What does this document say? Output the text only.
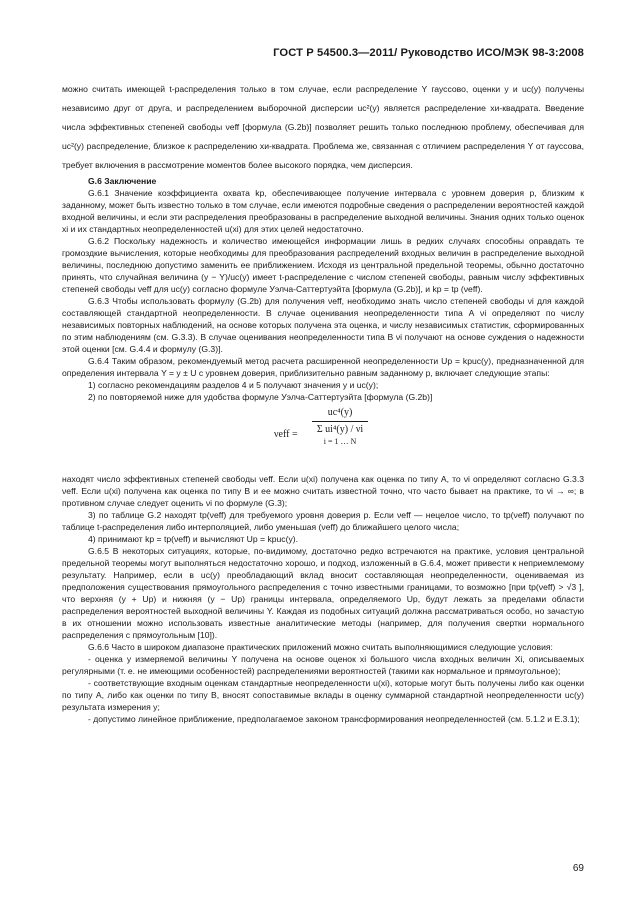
ГОСТ Р 54500.3—2011/ Руководство ИСО/МЭК 98-3:2008

можно считать имеющей t-распределения только в том случае, если распределение Y гауссово, оценки y и uc(y) получены независимо друг от друга, и распределением выборочной дисперсии uc²(y) является распределение хи-квадрата. Введение числа эффективных степеней свободы νeff [формула (G.2b)] позволяет решить только последнюю проблему, обеспечивая для uc²(y) распределение, близкое к распределению хи-квадрата. Проблема же, связанная с отличием распределения Y от гауссова, требует включения в рассмотрение моментов более высокого порядка, чем дисперсия.

G.6 Заключение

G.6.1 Значение коэффициента охвата kp, обеспечивающее получение интервала с уровнем доверия p, близким к заданному, может быть известно только в том случае, если имеются подробные сведения о распределении вероятностей каждой входной величины, и если эти распределения преобразованы в распределение выходной величины. Знания одних только оценок xi и их стандартных неопределенностей u(xi) для этих целей недостаточно.

G.6.2 Поскольку надежность и количество имеющейся информации лишь в редких случаях способны оправдать те громоздкие вычисления, которые необходимы для преобразования распределений входных величин в распределение выходной величины, последнюю допустимо заменить ее приближением. Исходя из центральной предельной теоремы, обычно достаточно принять, что случайная величина (y − Y)/uc(y) имеет t-распределение с числом степеней свободы, равным числу эффективных степеней свободы νeff для uc(y) согласно формуле Уэлча-Саттертуэйта [формула (G.2b)], и kp = tp (νeff).

G.6.3 Чтобы использовать формулу (G.2b) для получения νeff, необходимо знать число степеней свободы νi для каждой составляющей стандартной неопределенности. В случае оценивания неопределенности типа А νi определяют по числу независимых повторных наблюдений, на основе которых получена эта оценка, и числу независимых статистик, сформированных по этим наблюдениям (см. G.3.3). В случае оценивания неопределенности типа В νi получают на основе суждения о надежности этой оценки [см. G.4.4 и формулу (G.3)].

G.6.4 Таким образом, рекомендуемый метод расчета расширенной неопределенности Up = kpuc(y), предназначенной для определения интервала Y = y ± U с уровнем доверия, приблизительно равным заданному p, включает следующие этапы:

1) согласно рекомендациям разделов 4 и 5 получают значения y и uc(y);

2) по повторяемой ниже для удобства формуле Уэлча-Саттертуэйта [формула (G.2b)]

νeff =
uc⁴(y)
Σ ui⁴(y) / νi
i = 1 … N

находят число эффективных степеней свободы νeff. Если u(xi) получена как оценка по типу А, то νi определяют согласно G.3.3 νeff. Если u(xi) получена как оценка по типу В и ее можно считать известной точно, что часто бывает на практике, то νi → ∞; в противном случае следует оценить νi по формуле (G.3);

3) по таблице G.2 находят tp(νeff) для требуемого уровня доверия p. Если νeff — нецелое число, то tp(νeff) получают по таблице t-распределения либо интерполяцией, либо уменьшая (νeff) до ближайшего целого числа;

4) принимают kp = tp(νeff) и вычисляют Up = kpuc(y).

G.6.5 В некоторых ситуациях, которые, по-видимому, достаточно редко встречаются на практике, условия центральной предельной теоремы могут выполняться недостаточно хорошо, и подход, изложенный в G.6.4, может привести к неприемлемому результату. Например, если в uc(y) преобладающий вклад вносит составляющая неопределенности, оцениваемая из предположения существования прямоугольного распределения с точно известными границами, то возможно [при tp(νeff) > √3 ], что верхняя (y + Up) и нижняя (y − Up) границы интервала, определяемого Up, будут лежать за пределами области распределения вероятностей выходной величины Y. Каждая из подобных ситуаций должна рассматриваться особо, но зачастую в их отношении можно использовать известные аналитические методы (например, для получения свертки нормального распределения с прямоугольным [10]).

G.6.6 Часто в широком диапазоне практических приложений можно считать выполняющимися следующие условия:

- оценка y измеряемой величины Y получена на основе оценок xi большого числа входных величин Xi, описываемых регулярными (т. е. не имеющими особенностей) распределениями вероятностей (такими как нормальное и прямоугольное);

- соответствующие входным оценкам стандартные неопределенности u(xi), которые могут быть получены либо как оценки по типу А, либо как оценки по типу В, вносят сопоставимые вклады в оценку суммарной стандартной неопределенности uc(y) результата измерения y;

- допустимо линейное приближение, предполагаемое законом трансформирования неопределенностей (см. 5.1.2 и E.3.1);

69
